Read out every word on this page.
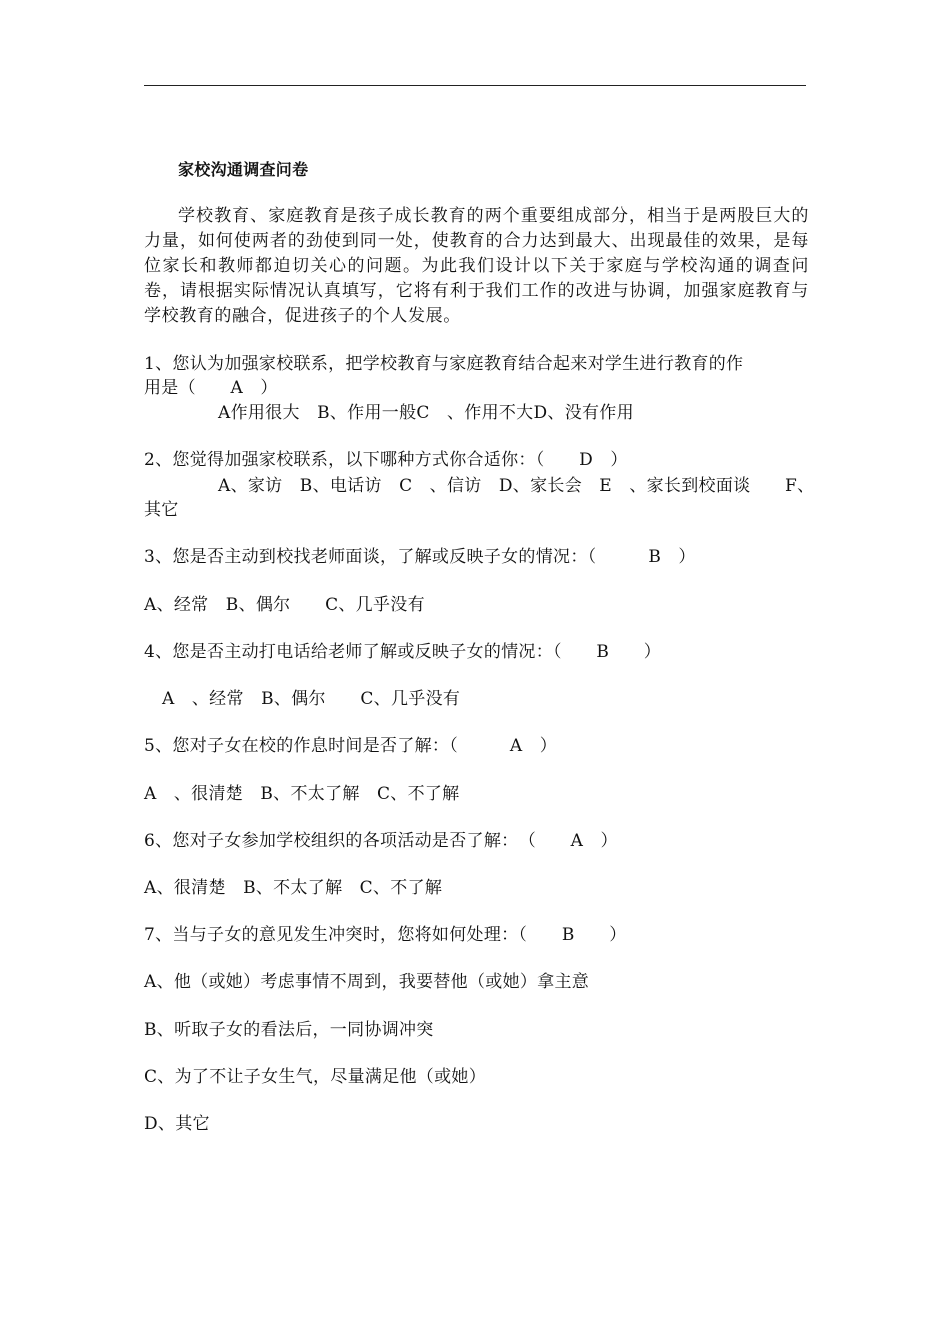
家校沟通调查问卷
学校教育、家庭教育是孩子成长教育的两个重要组成部分，相当于是两股巨大的力量，如何使两者的劲使到同一处，使教育的合力达到最大、出现最佳的效果，是每位家长和教师都迫切关心的问题。为此我们设计以下关于家庭与学校沟通的调查问卷，请根据实际情况认真填写，它将有利于我们工作的改进与协调，加强家庭教育与学校教育的融合，促进孩子的个人发展。
1、您认为加强家校联系，把学校教育与家庭教育结合起来对学生进行教育的作
用是（　　A　）
A作用很大　B、作用一般C　、作用不大D、没有作用
2、您觉得加强家校联系，以下哪种方式你合适你：（　　D　）
A、家访　B、电话访　C　、信访　D、家长会　E　、家长到校面谈　　F、
其它
3、您是否主动到校找老师面谈，了解或反映子女的情况：（　　　B　）
A、经常　B、偶尔　　C、几乎没有
4、您是否主动打电话给老师了解或反映子女的情况：（　　B　　）
A　、经常　B、偶尔　　C、几乎没有
5、您对子女在校的作息时间是否了解：（　　　A　）
A　、很清楚　B、不太了解　C、不了解
6、您对子女参加学校组织的各项活动是否了解：　（　　A　）
A、很清楚　B、不太了解　C、不了解
7、当与子女的意见发生冲突时，您将如何处理：（　　B　　）
A、他（或她）考虑事情不周到，我要替他（或她）拿主意
B、听取子女的看法后，一同协调冲突
C、为了不让子女生气，尽量满足他（或她）
D、其它
